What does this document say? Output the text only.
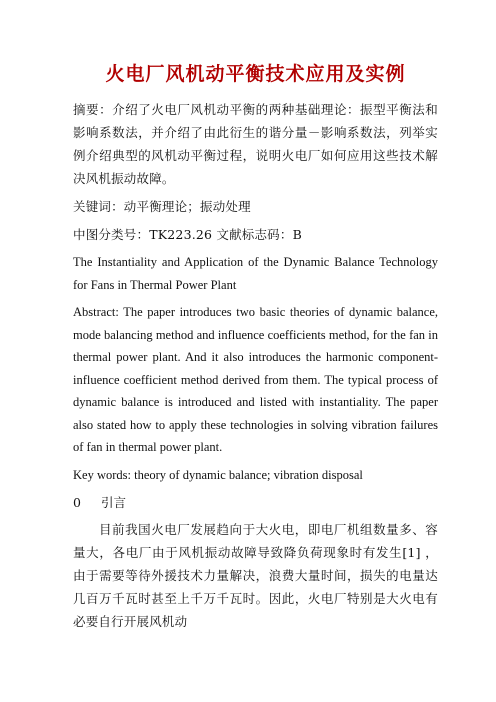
火电厂风机动平衡技术应用及实例

摘要：介绍了火电厂风机动平衡的两种基础理论：振型平衡法和影响系数法，并介绍了由此衍生的谐分量－影响系数法，列举实例介绍典型的风机动平衡过程，说明火电厂如何应用这些技术解决风机振动故障。

关键词：动平衡理论；振动处理

中图分类号：TK223.26 文献标志码：B

The Instantiality and Application of the Dynamic Balance Technology for Fans in Thermal Power Plant

Abstract: The paper introduces two basic theories of dynamic balance, mode balancing method and influence coefficients method, for the fan in thermal power plant. And it also introduces the harmonic component-influence coefficient method derived from them. The typical process of dynamic balance is introduced and listed with instantiality. The paper also stated how to apply these technologies in solving vibration failures of fan in thermal power plant.

Key words: theory of dynamic balance; vibration disposal

0 引言

目前我国火电厂发展趋向于大火电，即电厂机组数量多、容量大，各电厂由于风机振动故障导致降负荷现象时有发生[1] ，由于需要等待外援技术力量解决，浪费大量时间，损失的电量达几百万千瓦时甚至上千万千瓦时。因此，火电厂特别是大火电有必要自行开展风机动
